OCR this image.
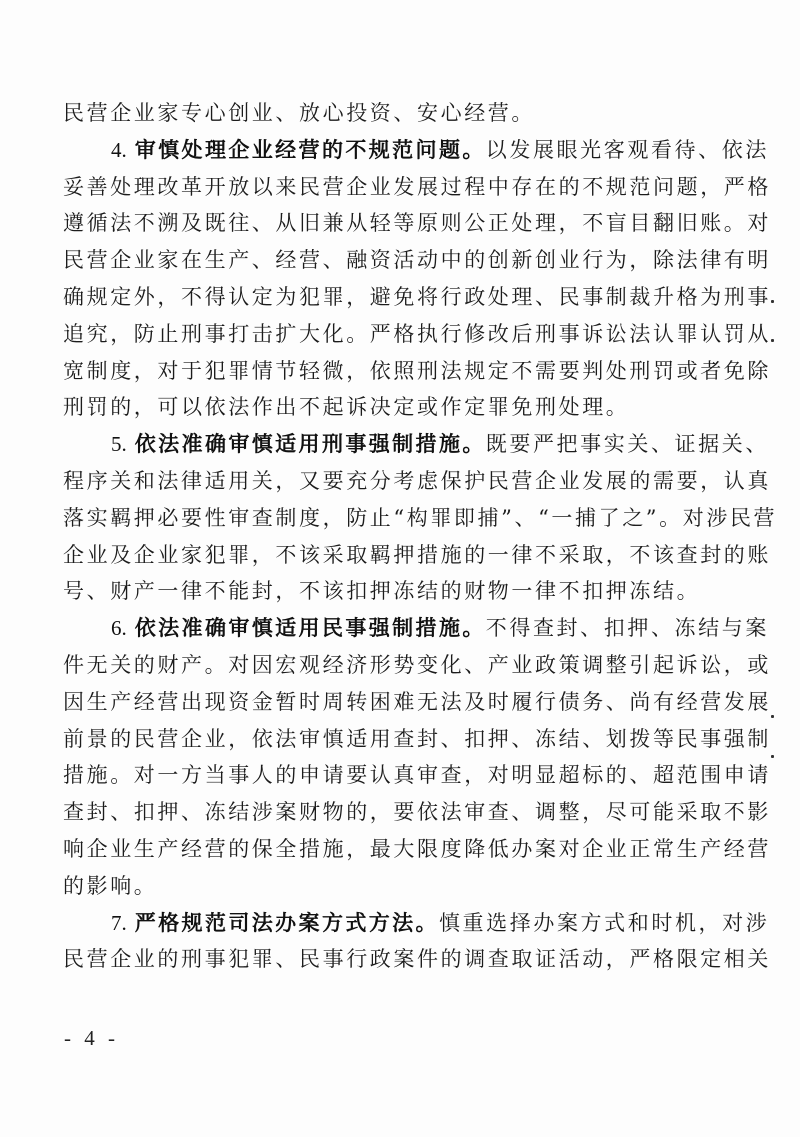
民营企业家专心创业、放心投资、安心经营。
4. 审慎处理企业经营的不规范问题。以发展眼光客观看待、依法
妥善处理改革开放以来民营企业发展过程中存在的不规范问题，严格
遵循法不溯及既往、从旧兼从轻等原则公正处理，不盲目翻旧账。对
民营企业家在生产、经营、融资活动中的创新创业行为，除法律有明
确规定外，不得认定为犯罪，避免将行政处理、民事制裁升格为刑事
追究，防止刑事打击扩大化。严格执行修改后刑事诉讼法认罪认罚从
宽制度，对于犯罪情节轻微，依照刑法规定不需要判处刑罚或者免除
刑罚的，可以依法作出不起诉决定或作定罪免刑处理。
5. 依法准确审慎适用刑事强制措施。既要严把事实关、证据关、
程序关和法律适用关，又要充分考虑保护民营企业发展的需要，认真
落实羁押必要性审查制度，防止“构罪即捕”、“一捕了之”。对涉民营
企业及企业家犯罪，不该采取羁押措施的一律不采取，不该查封的账
号、财产一律不能封，不该扣押冻结的财物一律不扣押冻结。
6. 依法准确审慎适用民事强制措施。不得查封、扣押、冻结与案
件无关的财产。对因宏观经济形势变化、产业政策调整引起诉讼，或
因生产经营出现资金暂时周转困难无法及时履行债务、尚有经营发展
前景的民营企业，依法审慎适用查封、扣押、冻结、划拨等民事强制
措施。对一方当事人的申请要认真审查，对明显超标的、超范围申请
查封、扣押、冻结涉案财物的，要依法审查、调整，尽可能采取不影
响企业生产经营的保全措施，最大限度降低办案对企业正常生产经营
的影响。
7. 严格规范司法办案方式方法。慎重选择办案方式和时机，对涉
民营企业的刑事犯罪、民事行政案件的调查取证活动，严格限定相关
- 4 -
